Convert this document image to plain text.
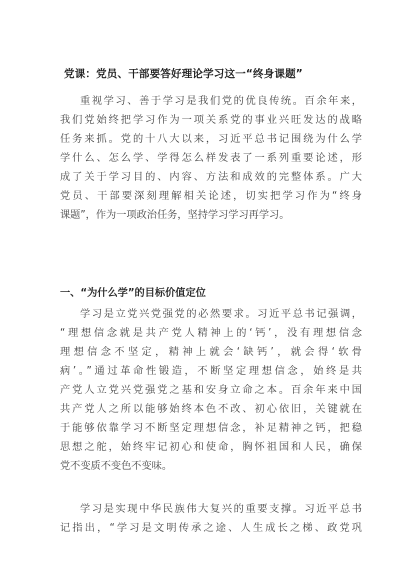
党课：党员、干部要答好理论学习这一“终身课题”
重视学习、善于学习是我们党的优良传统。百余年来，
我们党始终把学习作为一项关系党的事业兴旺发达的战略
任务来抓。党的十八大以来，习近平总书记围绕为什么学
学什么、怎么学、学得怎么样发表了一系列重要论述，形
成了关于学习目的、内容、方法和成效的完整体系。广大
党员、干部要深刻理解相关论述，切实把学习作为“终身
课题”，作为一项政治任务，坚持学习学习再学习。
一、“为什么学”的目标价值定位
学习是立党兴党强党的必然要求。习近平总书记强调，
“理想信念就是共产党人精神上的‘钙’，没有理想信念
理想信念不坚定，精神上就会‘缺钙’，就会得‘软骨
病’。”通过革命性锻造，不断坚定理想信念，始终是共
产党人立党兴党强党之基和安身立命之本。百余年来中国
共产党人之所以能够始终本色不改、初心依旧，关键就在
于能够依靠学习不断坚定理想信念，补足精神之钙，把稳
思想之舵，始终牢记初心和使命，胸怀祖国和人民，确保
党不变质不变色不变味。
学习是实现中华民族伟大复兴的重要支撑。习近平总书
记指出，“学习是文明传承之途、人生成长之梯、政党巩
